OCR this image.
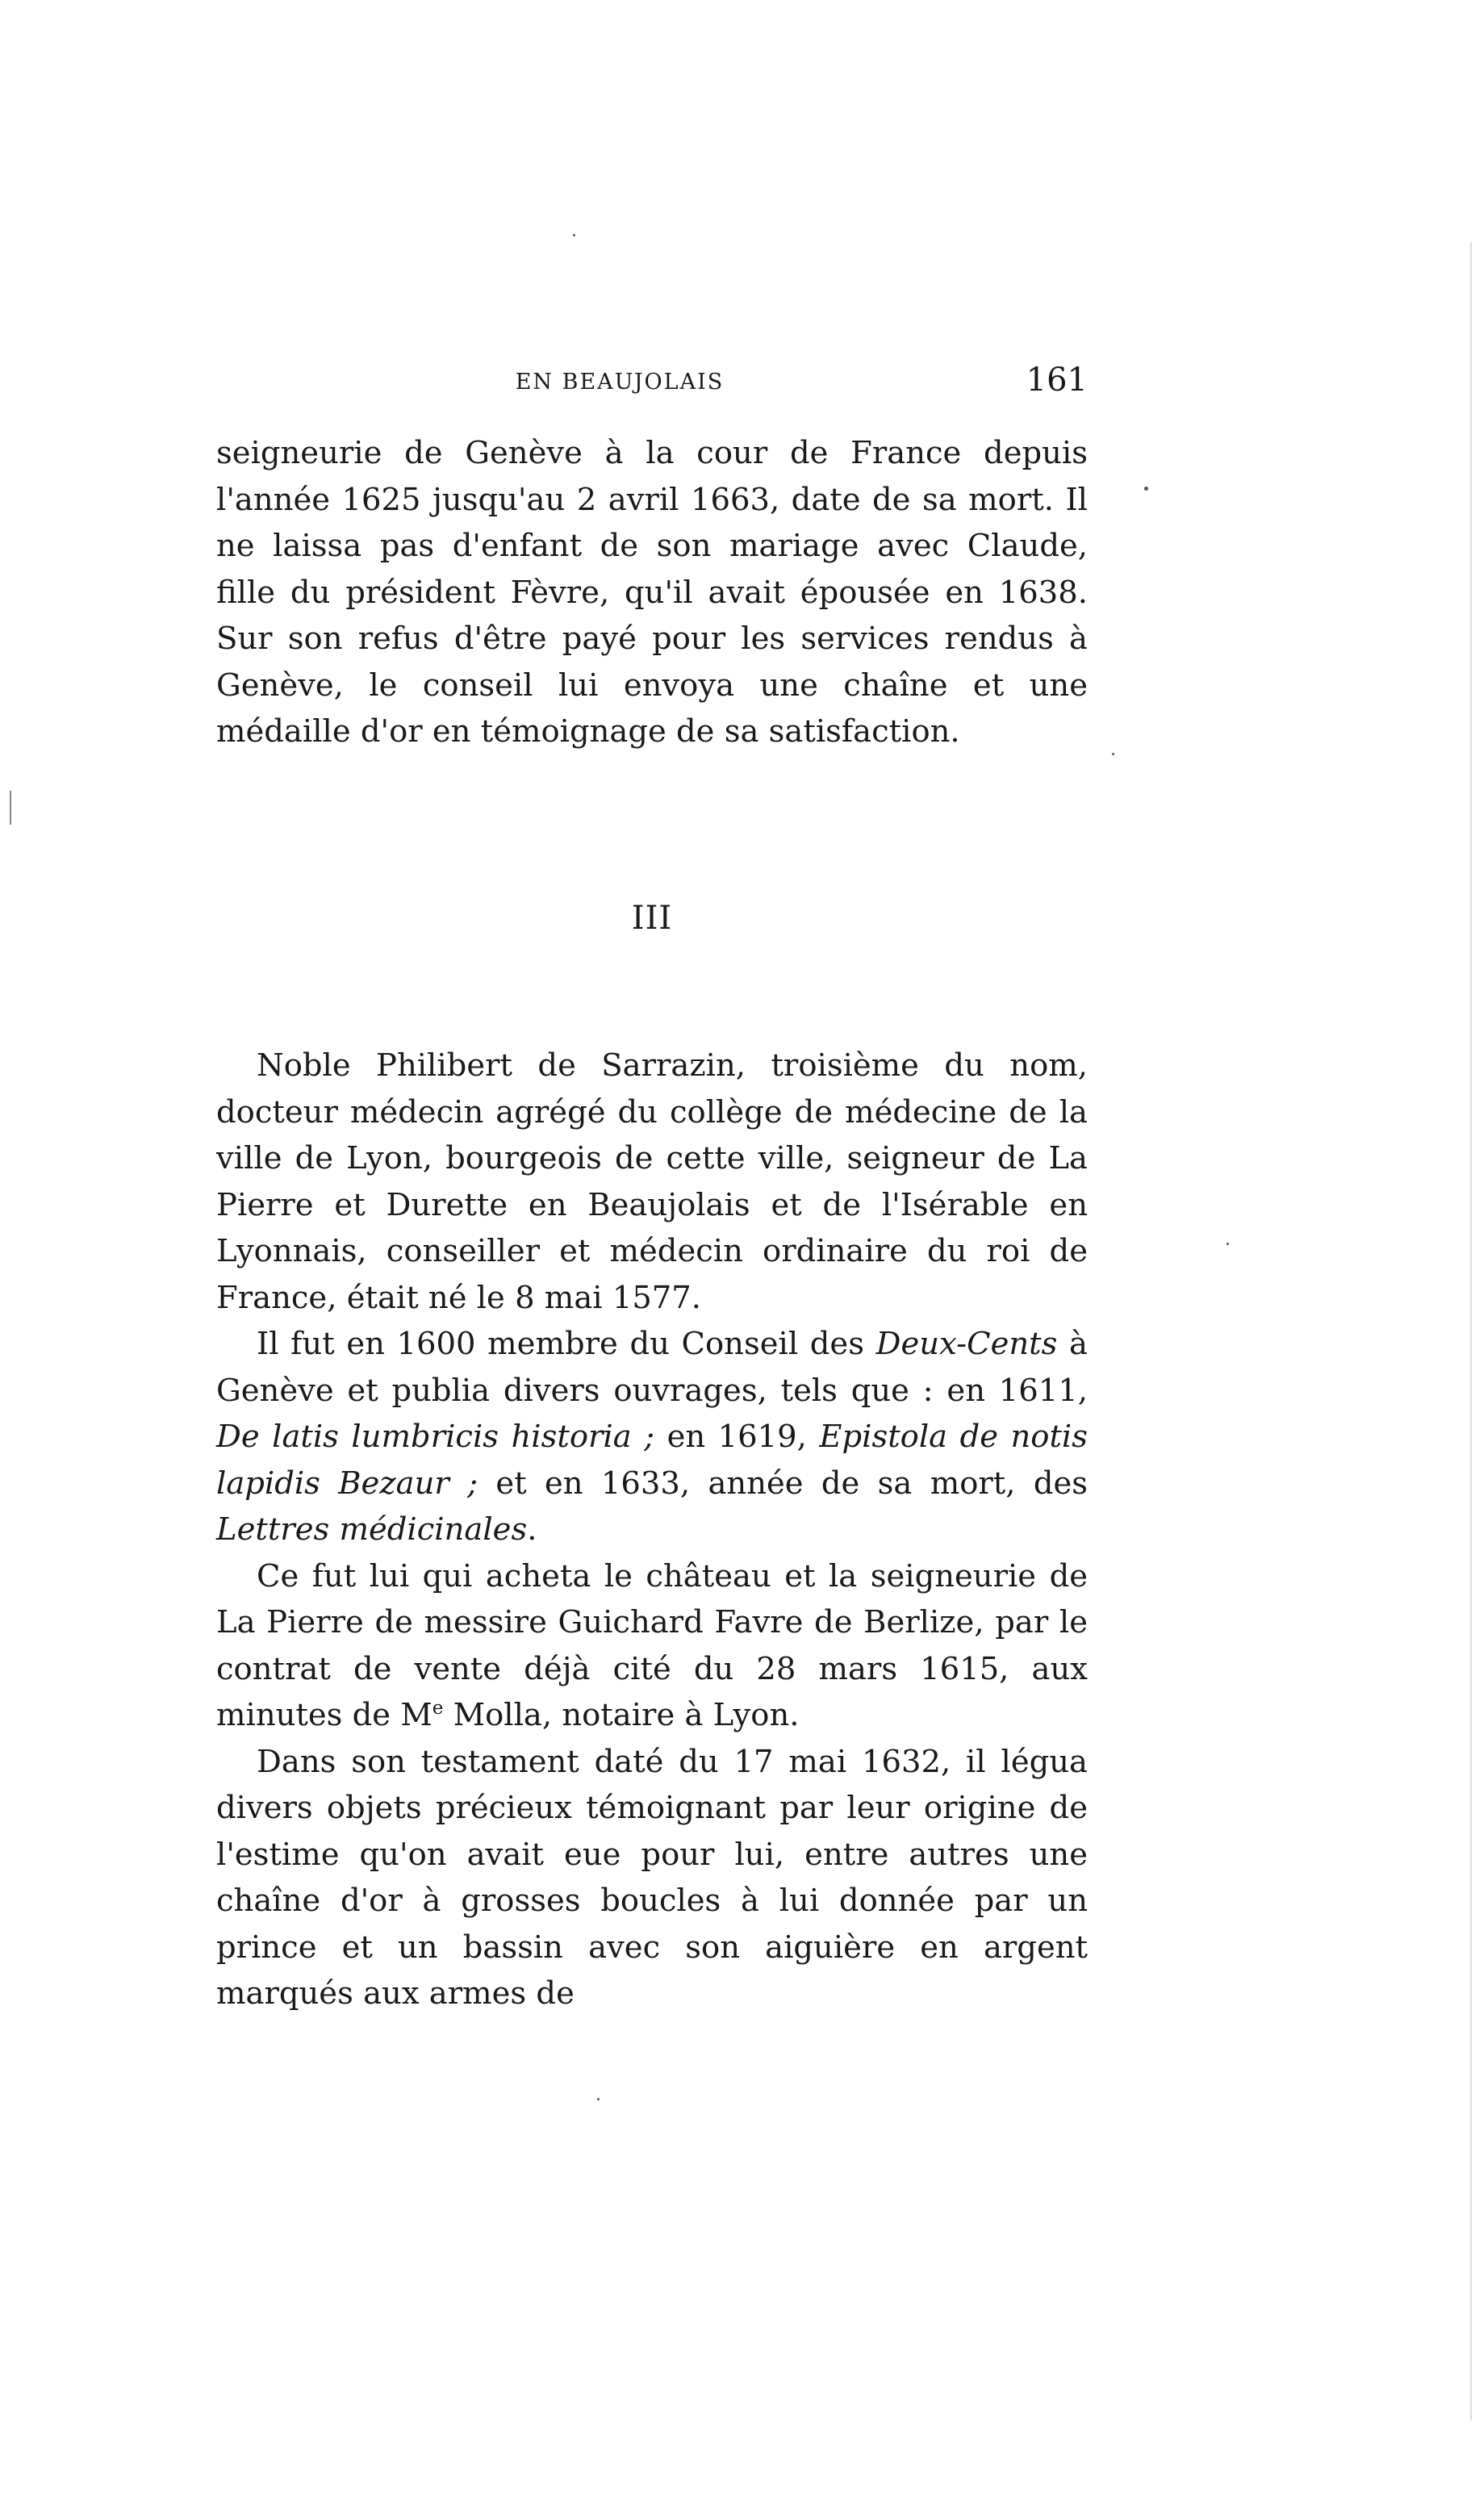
EN BEAUJOLAIS	161

seigneurie de Genève à la cour de France depuis l'année 1625 jusqu'au 2 avril 1663, date de sa mort. Il ne laissa pas d'enfant de son mariage avec Claude, fille du président Fèvre, qu'il avait épousée en 1638. Sur son refus d'être payé pour les services rendus à Genève, le conseil lui envoya une chaîne et une médaille d'or en témoignage de sa satisfaction.

III

Noble Philibert de Sarrazin, troisième du nom, docteur médecin agrégé du collège de médecine de la ville de Lyon, bourgeois de cette ville, seigneur de La Pierre et Durette en Beaujolais et de l'Isérable en Lyonnais, conseiller et médecin ordinaire du roi de France, était né le 8 mai 1577.

Il fut en 1600 membre du Conseil des Deux-Cents à Genève et publia divers ouvrages, tels que : en 1611, De latis lumbricis historia ; en 1619, Epistola de notis lapidis Bezaur ; et en 1633, année de sa mort, des Lettres médicinales.

Ce fut lui qui acheta le château et la seigneurie de La Pierre de messire Guichard Favre de Berlize, par le contrat de vente déjà cité du 28 mars 1615, aux minutes de Me Molla, notaire à Lyon.

Dans son testament daté du 17 mai 1632, il légua divers objets précieux témoignant par leur origine de l'estime qu'on avait eue pour lui, entre autres une chaîne d'or à grosses boucles à lui donnée par un prince et un bassin avec son aiguière en argent marqués aux armes de
